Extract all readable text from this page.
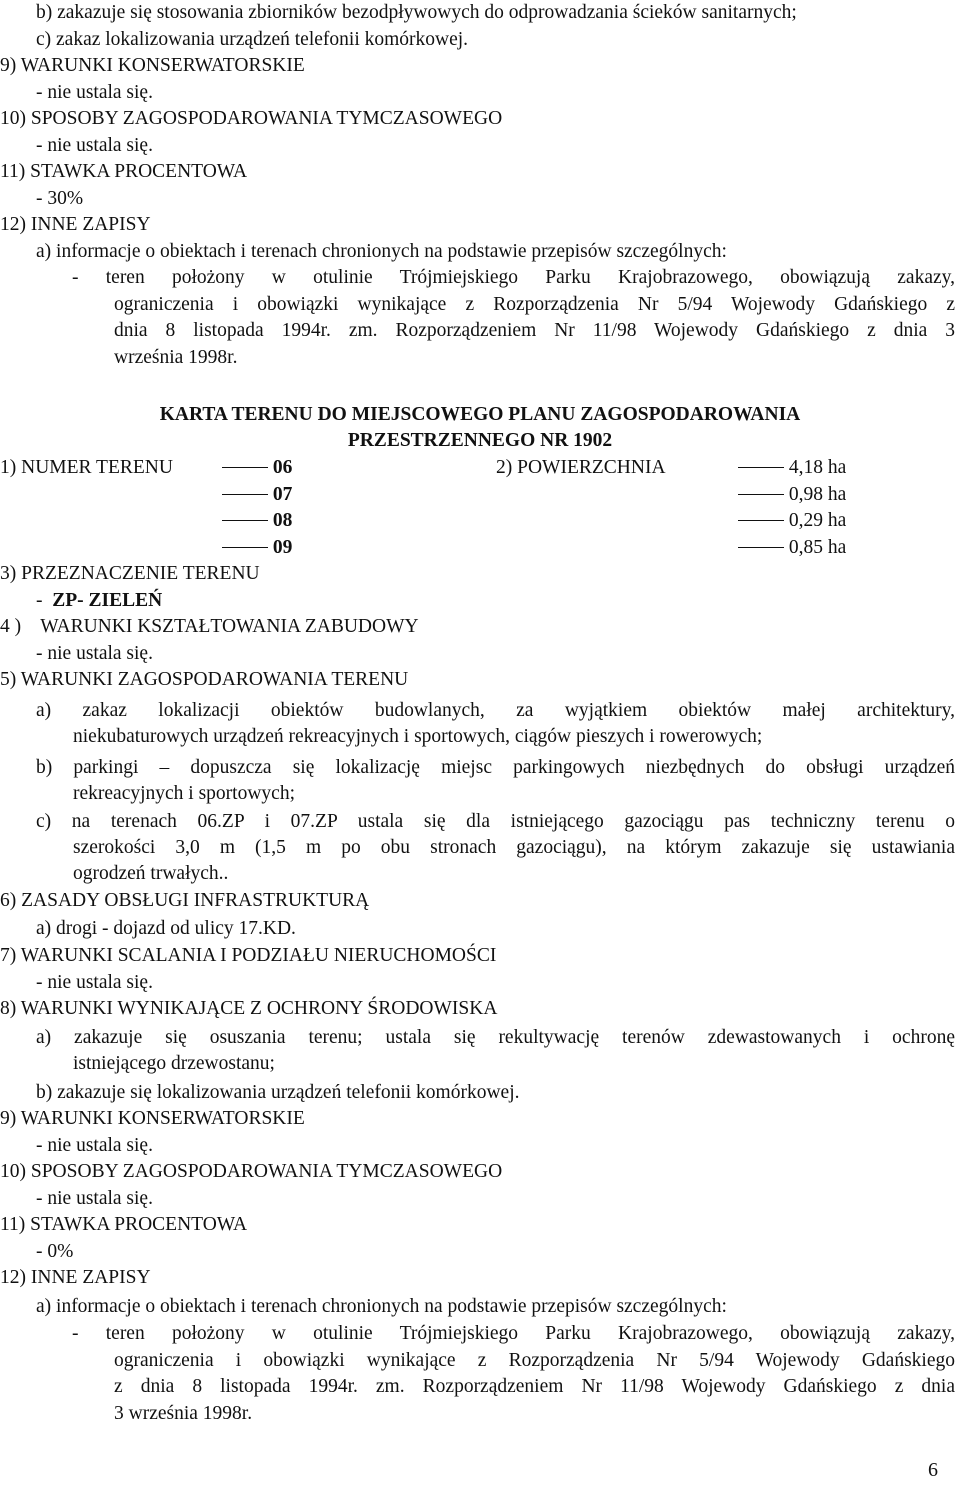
b) zakazuje się stosowania zbiorników bezodpływowych do odprowadzania ścieków sanitarnych;
c) zakaz lokalizowania urządzeń telefonii komórkowej.
9) WARUNKI KONSERWATORSKIE
- nie ustala się.
10) SPOSOBY ZAGOSPODAROWANIA TYMCZASOWEGO
- nie ustala się.
11) STAWKA PROCENTOWA
- 30%
12) INNE ZAPISY
a) informacje o obiektach i terenach chronionych na podstawie przepisów szczególnych:
- teren położony w otulinie Trójmiejskiego Parku Krajobrazowego, obowiązują zakazy,
ograniczenia i obowiązki wynikające z Rozporządzenia Nr 5/94 Wojewody Gdańskiego z
dnia 8 listopada 1994r. zm. Rozporządzeniem Nr 11/98 Wojewody Gdańskiego z dnia 3
września 1998r.
KARTA TERENU DO MIEJSCOWEGO PLANU ZAGOSPODAROWANIA
PRZESTRZENNEGO NR 1902
1) NUMER TERENU	2) POWIERZCHNIA
06
07
08
09
4,18 ha
0,98 ha
0,29 ha
0,85 ha
3) PRZEZNACZENIE TERENU
- ZP- ZIELEŃ
4 )    WARUNKI KSZTAŁTOWANIA ZABUDOWY
- nie ustala się.
5) WARUNKI ZAGOSPODAROWANIA TERENU
a) zakaz lokalizacji obiektów budowlanych, za wyjątkiem obiektów małej architektury,
niekubaturowych urządzeń rekreacyjnych i sportowych, ciągów pieszych i rowerowych;
b) parkingi – dopuszcza się lokalizację miejsc parkingowych niezbędnych do obsługi urządzeń
rekreacyjnych i sportowych;
c) na terenach 06.ZP i 07.ZP ustala się dla istniejącego gazociągu pas techniczny terenu o
szerokości 3,0 m (1,5 m po obu stronach gazociągu), na którym zakazuje się ustawiania
ogrodzeń trwałych..
6) ZASADY OBSŁUGI INFRASTRUKTURĄ
a) drogi - dojazd od ulicy 17.KD.
7) WARUNKI SCALANIA I PODZIAŁU NIERUCHOMOŚCI
- nie ustala się.
8) WARUNKI WYNIKAJĄCE Z OCHRONY ŚRODOWISKA
a) zakazuje się osuszania terenu; ustala się rekultywację terenów zdewastowanych i ochronę
istniejącego drzewostanu;
b) zakazuje się lokalizowania urządzeń telefonii komórkowej.
9) WARUNKI KONSERWATORSKIE
- nie ustala się.
10) SPOSOBY ZAGOSPODAROWANIA TYMCZASOWEGO
- nie ustala się.
11) STAWKA PROCENTOWA
- 0%
12) INNE ZAPISY
a) informacje o obiektach i terenach chronionych na podstawie przepisów szczególnych:
- teren położony w otulinie Trójmiejskiego Parku Krajobrazowego, obowiązują zakazy,
ograniczenia i obowiązki wynikające z Rozporządzenia Nr 5/94 Wojewody Gdańskiego
z dnia 8 listopada 1994r. zm. Rozporządzeniem Nr 11/98 Wojewody Gdańskiego z dnia
3 września 1998r.
6
